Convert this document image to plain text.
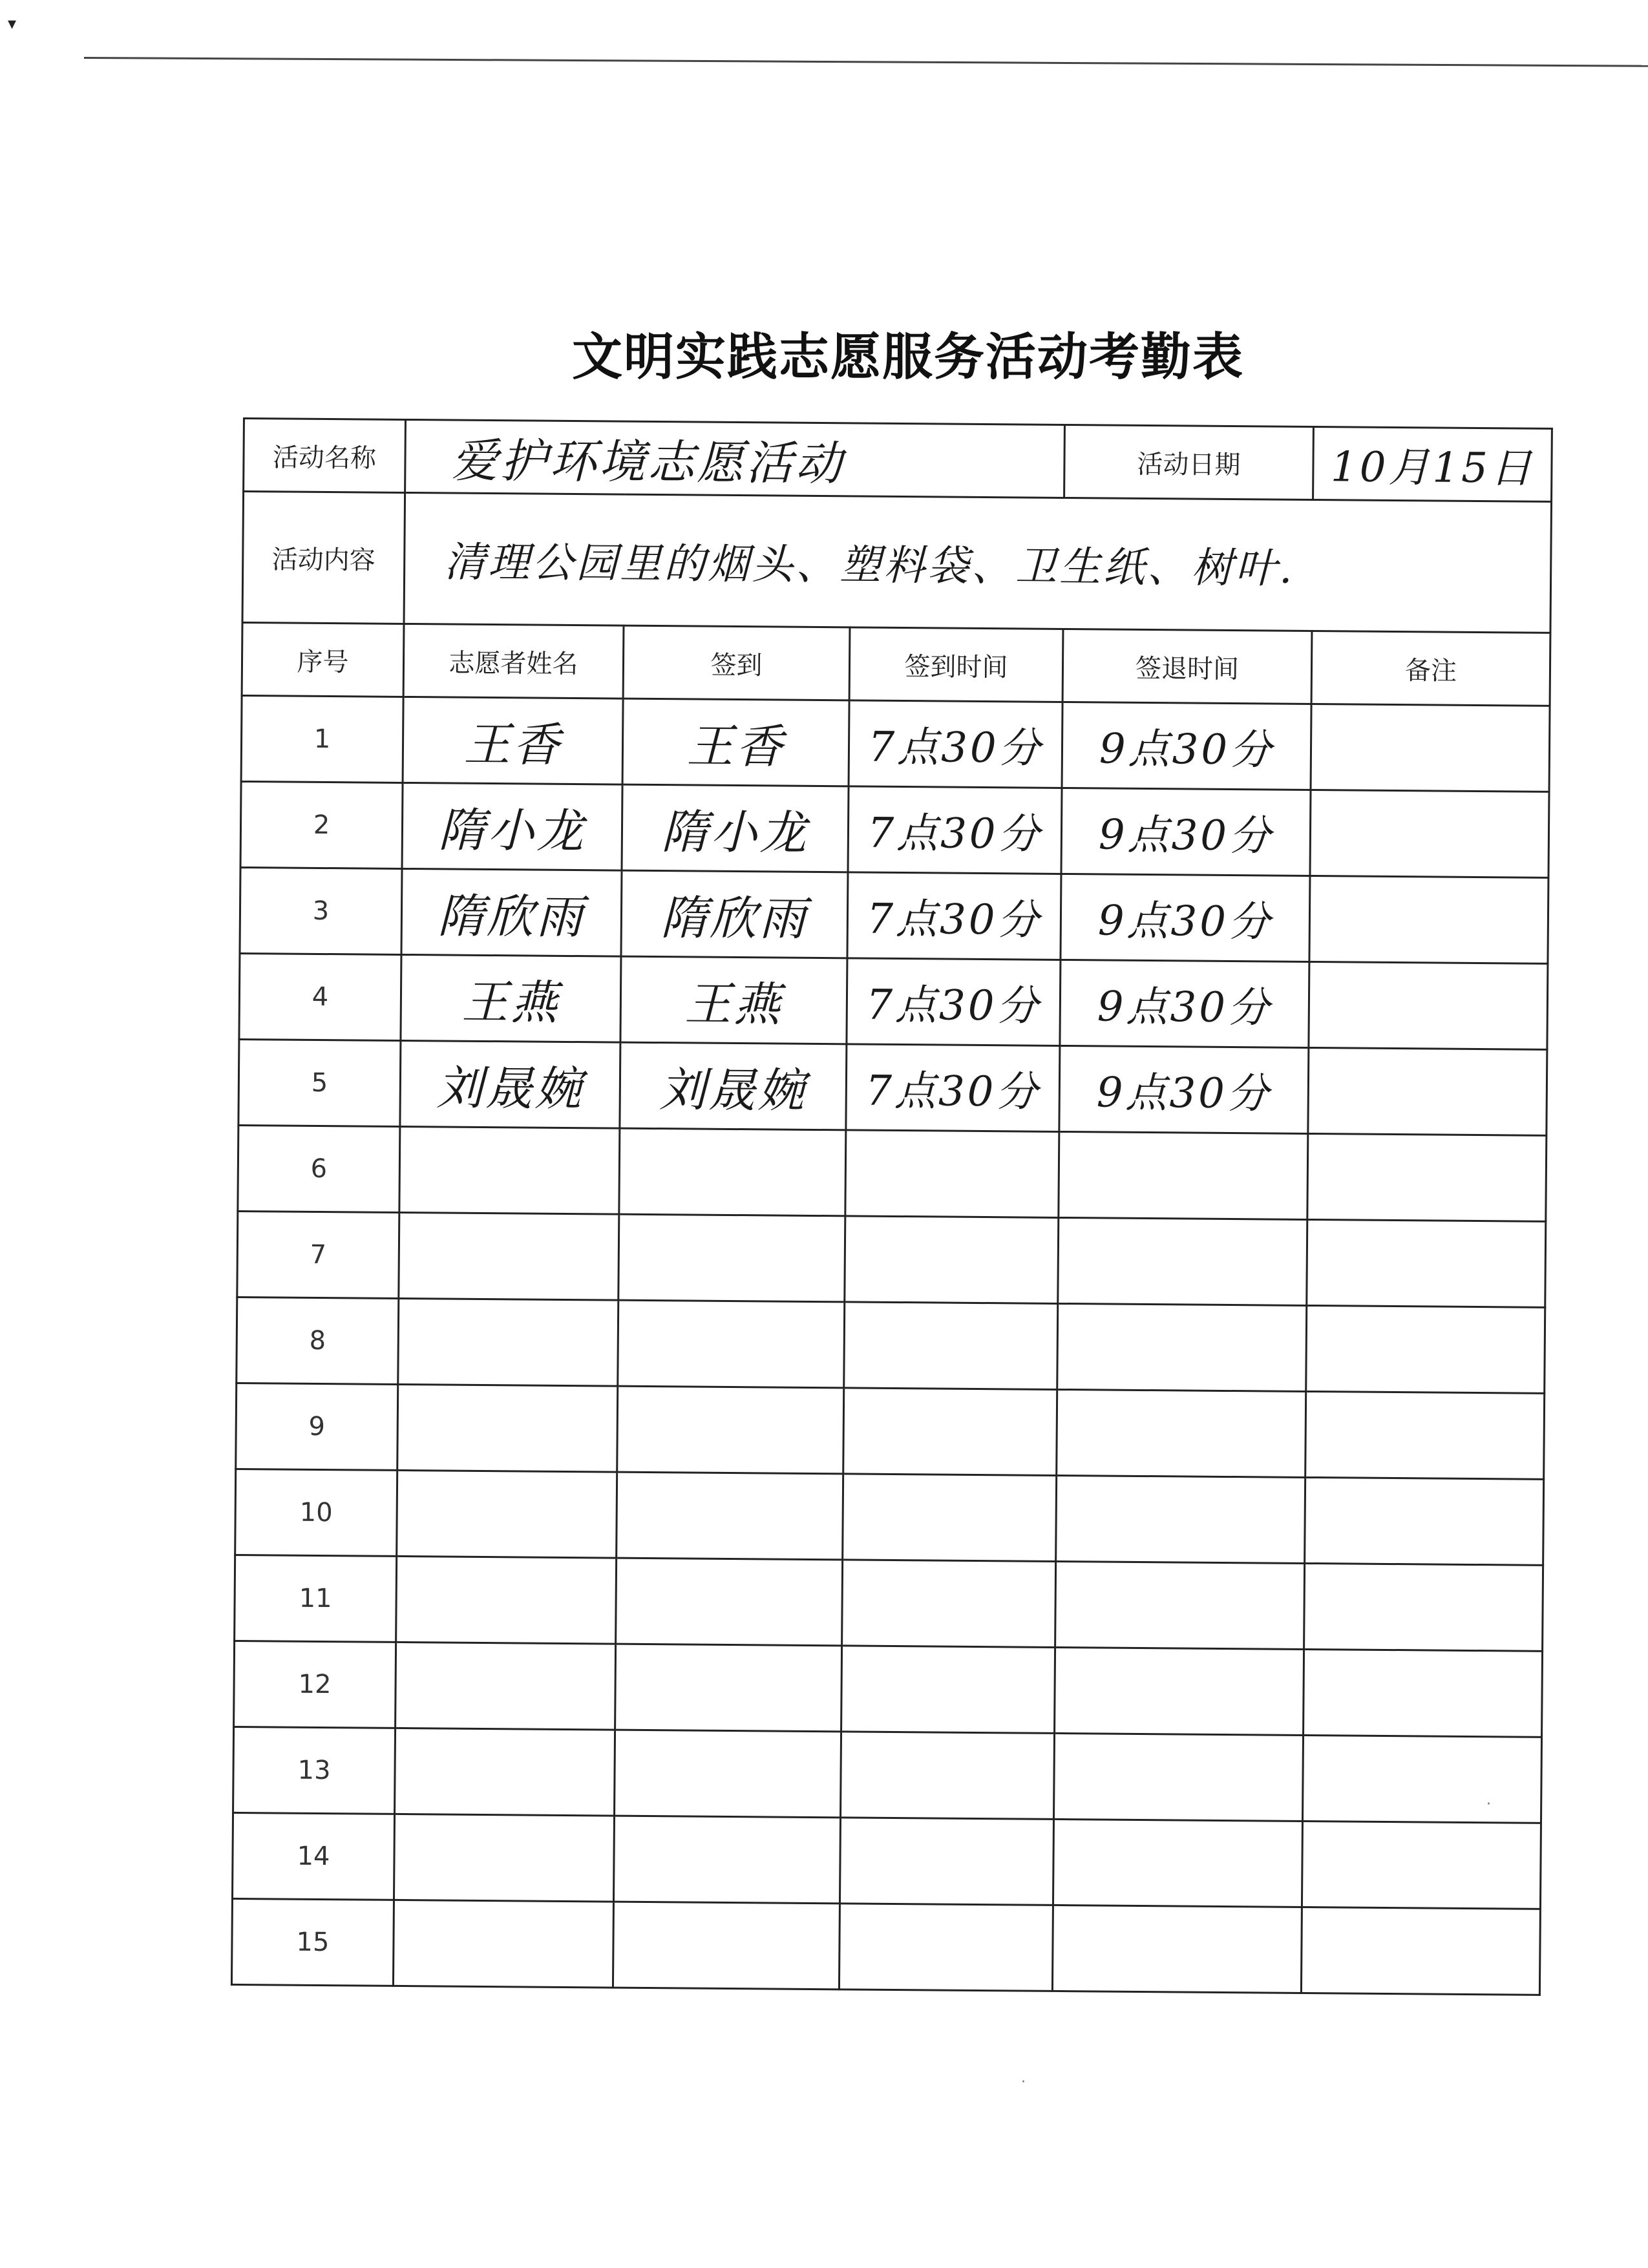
▾
文明实践志愿服务活动考勤表
活动名称	爱护环境志愿活动			活动日期	10月15日
活动内容	清理公园里的烟头、塑料袋、卫生纸、树叶.				
序号	志愿者姓名	签到	签到时间	签退时间	备注
1	王香	王香	7点30分	9点30分	
2	隋小龙	隋小龙	7点30分	9点30分	
3	隋欣雨	隋欣雨	7点30分	9点30分	
4	王燕	王燕	7点30分	9点30分	
5	刘晟婉	刘晟婉	7点30分	9点30分	
6					
7					
8					
9					
10					
11					
12					
13					
14					
15					
·
·
